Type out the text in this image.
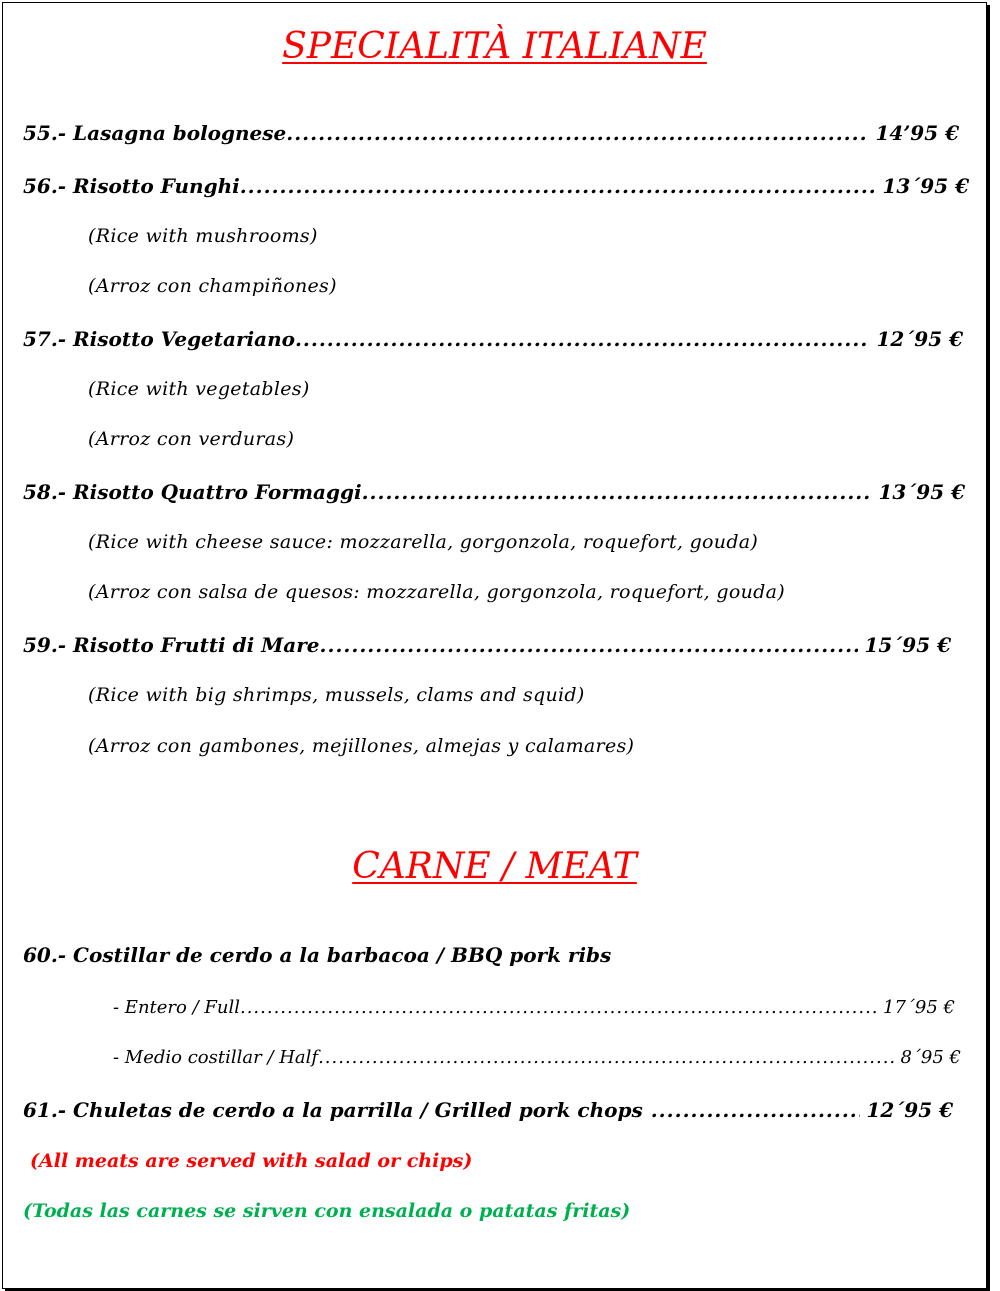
SPECIALITÀ ITALIANE
55.- Lasagna bolognese .....	14’95 €
56.- Risotto Funghi .....	13´95 €
(Rice with mushrooms)
(Arroz con champiñones)
57.- Risotto Vegetariano .....	12´95 €
(Rice with vegetables)
(Arroz con verduras)
58.- Risotto Quattro Formaggi .....	13´95 €
(Rice with cheese sauce: mozzarella, gorgonzola, roquefort, gouda)
(Arroz con salsa de quesos: mozzarella, gorgonzola, roquefort, gouda)
59.- Risotto Frutti di Mare .....	15´95 €
(Rice with big shrimps, mussels, clams and squid)
(Arroz con gambones, mejillones, almejas y calamares)
CARNE / MEAT
60.- Costillar de cerdo a la barbacoa / BBQ pork ribs
- Entero / Full .....	17´95 €
- Medio costillar / Half .....	8´95 €
61.- Chuletas de cerdo a la parrilla / Grilled pork chops .....	12´95 €
(All meats are served with salad or chips)
(Todas las carnes se sirven con ensalada o patatas fritas)
